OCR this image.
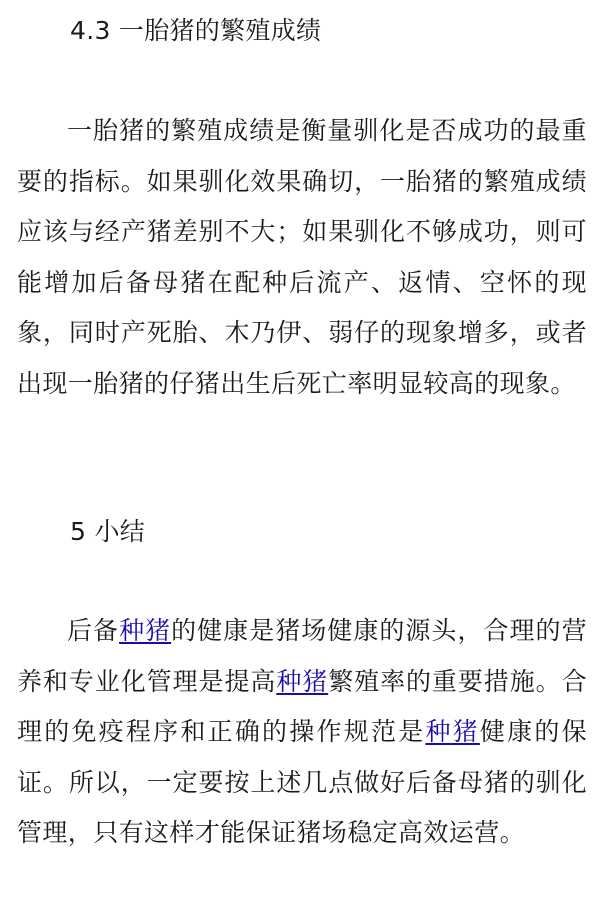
4.3 一胎猪的繁殖成绩

一胎猪的繁殖成绩是衡量驯化是否成功的最重要的指标。如果驯化效果确切，一胎猪的繁殖成绩应该与经产猪差别不大；如果驯化不够成功，则可能增加后备母猪在配种后流产、返情、空怀的现象，同时产死胎、木乃伊、弱仔的现象增多，或者出现一胎猪的仔猪出生后死亡率明显较高的现象。

5 小结

后备种猪的健康是猪场健康的源头，合理的营养和专业化管理是提高种猪繁殖率的重要措施。合理的免疫程序和正确的操作规范是种猪健康的保证。所以，一定要按上述几点做好后备母猪的驯化管理，只有这样才能保证猪场稳定高效运营。
